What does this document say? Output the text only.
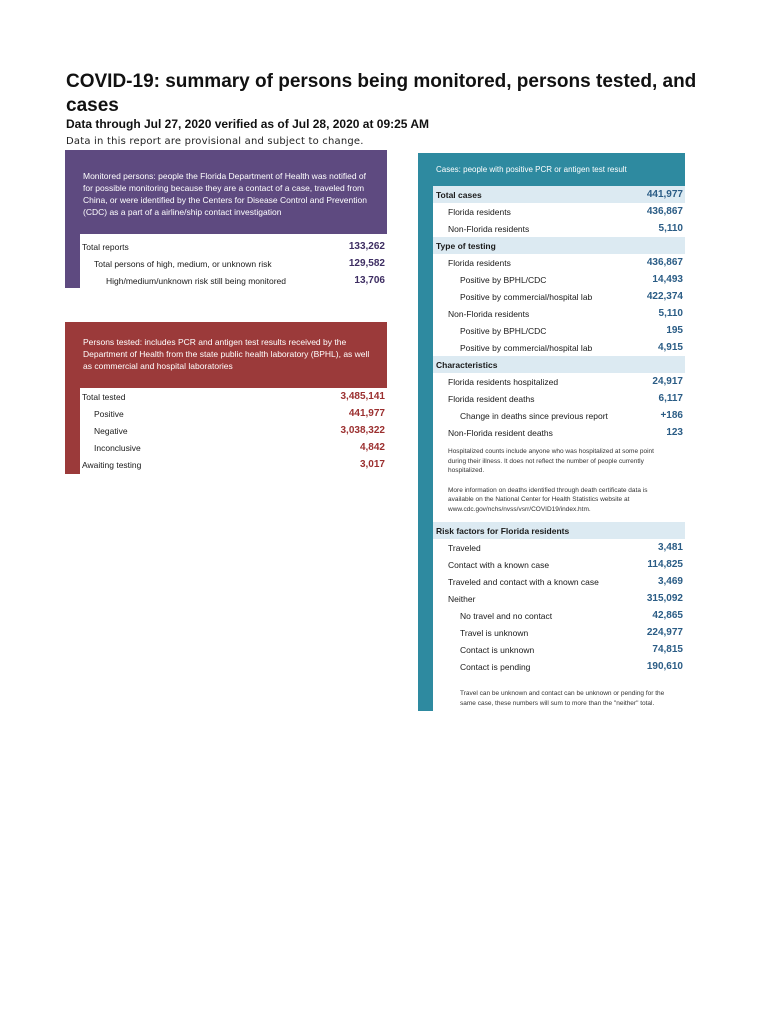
COVID-19: summary of persons being monitored, persons tested, and cases
Data through Jul 27, 2020 verified as of Jul 28, 2020 at 09:25 AM
Data in this report are provisional and subject to change.
Monitored persons: people the Florida Department of Health was notified of for possible monitoring because they are a contact of a case, traveled from China, or were identified by the Centers for Disease Control and Prevention (CDC) as a part of a airline/ship contact investigation
Total reports	133,262
Total persons of high, medium, or unknown risk	129,582
High/medium/unknown risk still being monitored	13,706
Persons tested: includes PCR and antigen test results received by the Department of Health from the state public health laboratory (BPHL), as well as commercial and hospital laboratories
Total tested	3,485,141
Positive	441,977
Negative	3,038,322
Inconclusive	4,842
Awaiting testing	3,017
Cases: people with positive PCR or antigen test result
Total cases	441,977
Florida residents	436,867
Non-Florida residents	5,110
Type of testing
Florida residents	436,867
Positive by BPHL/CDC	14,493
Positive by commercial/hospital lab	422,374
Non-Florida residents	5,110
Positive by BPHL/CDC	195
Positive by commercial/hospital lab	4,915
Characteristics
Florida residents hospitalized	24,917
Florida resident deaths	6,117
Change in deaths since previous report	+186
Non-Florida resident deaths	123
Hospitalized counts include anyone who was hospitalized at some point during their illness. It does not reflect the number of people currently hospitalized.
More information on deaths identified through death certificate data is available on the National Center for Health Statistics website at www.cdc.gov/nchs/nvss/vsrr/COVID19/index.htm.
Risk factors for Florida residents
Traveled	3,481
Contact with a known case	114,825
Traveled and contact with a known case	3,469
Neither	315,092
No travel and no contact	42,865
Travel is unknown	224,977
Contact is unknown	74,815
Contact is pending	190,610
Travel can be unknown and contact can be unknown or pending for the same case, these numbers will sum to more than the "neither" total.
